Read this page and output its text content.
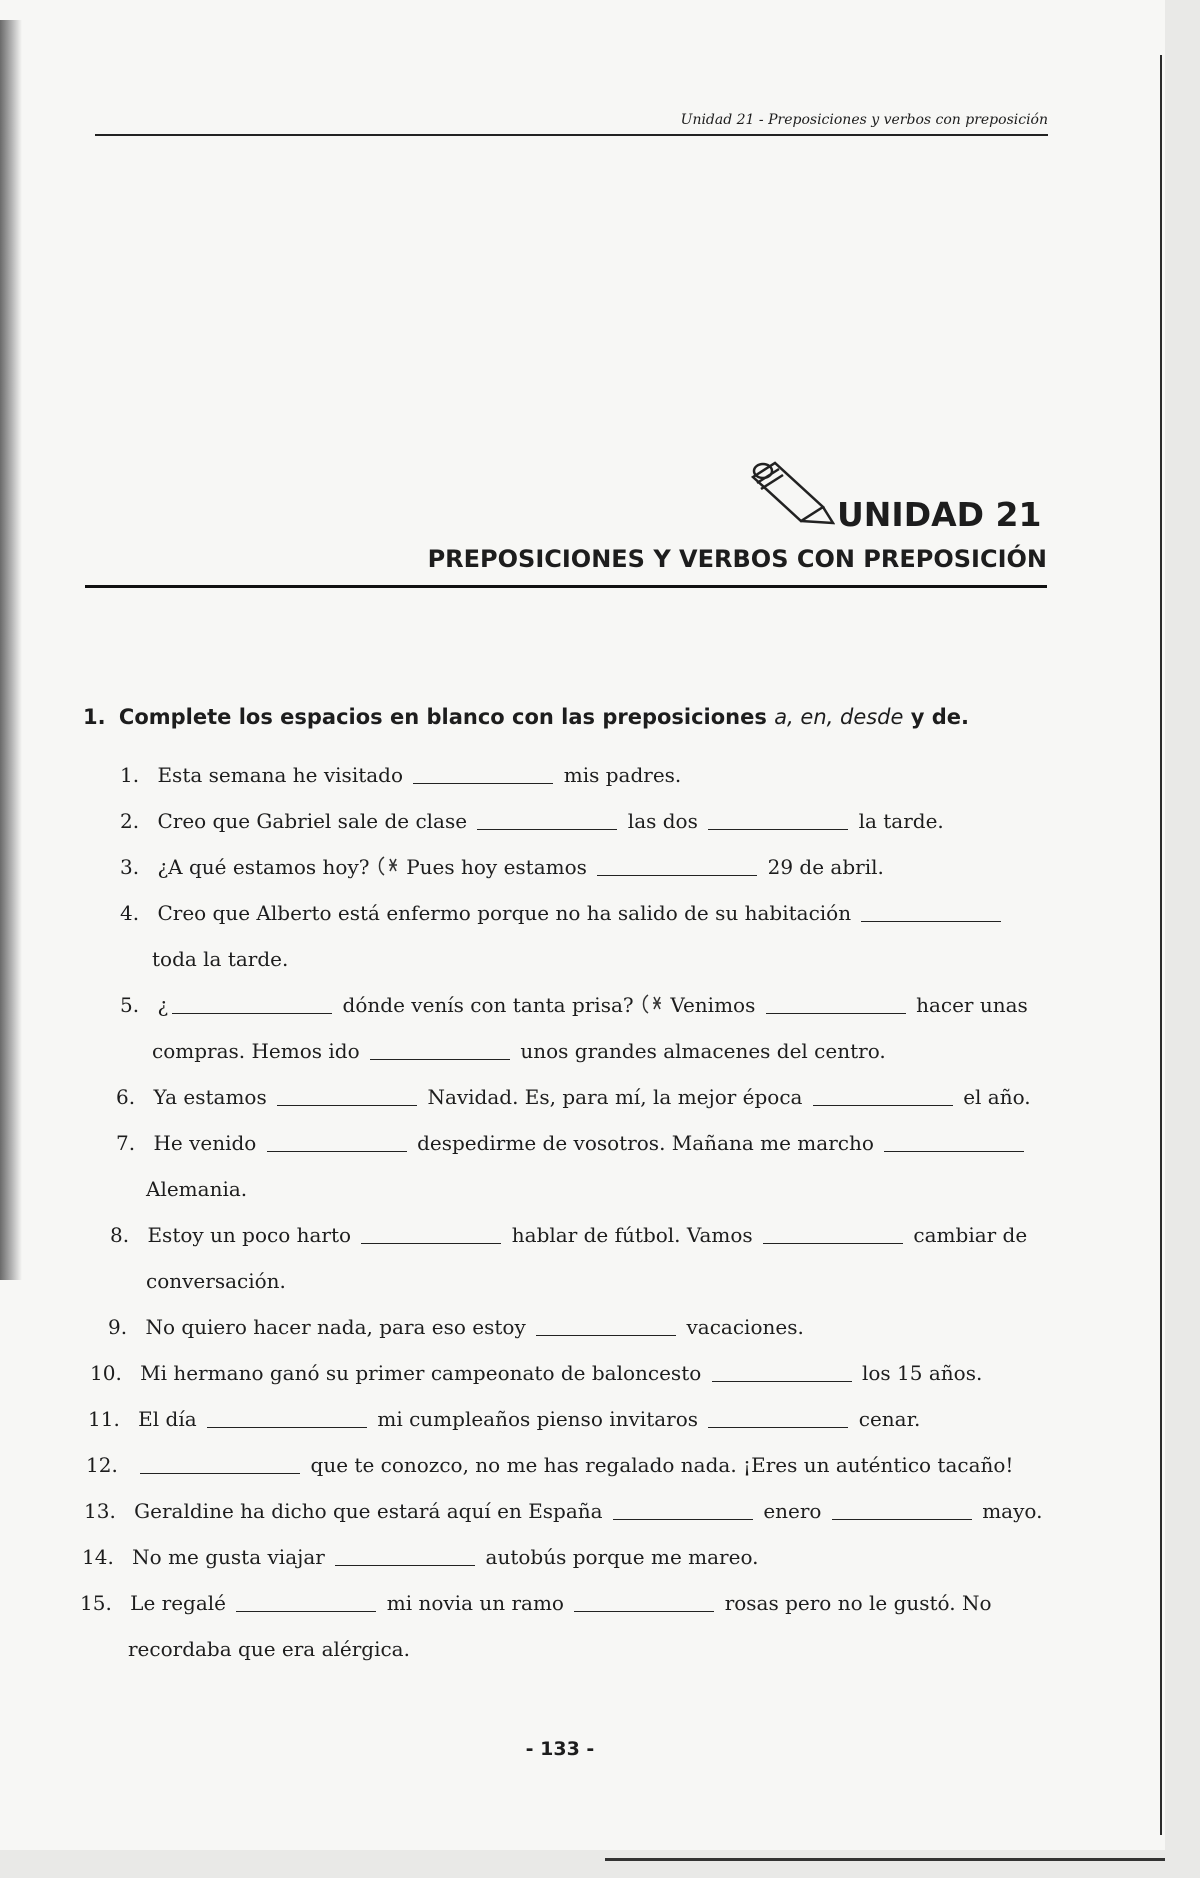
Unidad 21 - Preposiciones y verbos con preposición
UNIDAD 21
PREPOSICIONES Y VERBOS CON PREPOSICIÓN
1. Complete los espacios en blanco con las preposiciones a, en, desde y de.
1. Esta semana he visitado	mis padres.
2. Creo que Gabriel sale de clase	las dos	la tarde.
3. ¿A qué estamos hoy? Pues hoy estamos	29 de abril.
4. Creo que Alberto está enfermo porque no ha salido de su habitación
toda la tarde.
5. ¿	dónde venís con tanta prisa? Venimos	hacer unas
compras. Hemos ido	unos grandes almacenes del centro.
6. Ya estamos	Navidad. Es, para mí, la mejor época	el año.
7. He venido	despedirme de vosotros. Mañana me marcho
Alemania.
8. Estoy un poco harto	hablar de fútbol. Vamos	cambiar de
conversación.
9. No quiero hacer nada, para eso estoy	vacaciones.
10. Mi hermano ganó su primer campeonato de baloncesto	los 15 años.
11. El día	mi cumpleaños pienso invitaros	cenar.
12.	que te conozco, no me has regalado nada. ¡Eres un auténtico tacaño!
13. Geraldine ha dicho que estará aquí en España	enero	mayo.
14. No me gusta viajar	autobús porque me mareo.
15. Le regalé	mi novia un ramo	rosas pero no le gustó. No
recordaba que era alérgica.
- 133 -
